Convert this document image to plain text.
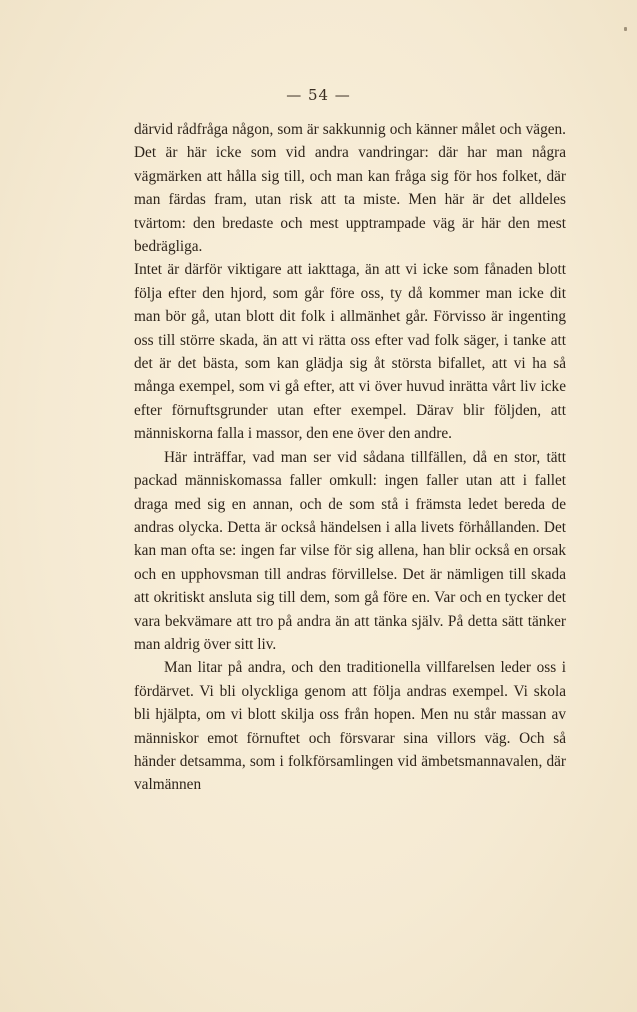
— 54 —

därvid rådfråga någon, som är sakkunnig och känner målet och vägen. Det är här icke som vid andra vandringar: där har man några vägmärken att hålla sig till, och man kan fråga sig för hos folket, där man färdas fram, utan risk att ta miste. Men här är det alldeles tvärtom: den bredaste och mest upptrampade väg är här den mest bedrägliga.

Intet är därför viktigare att iakttaga, än att vi icke som fånaden blott följa efter den hjord, som går före oss, ty då kommer man icke dit man bör gå, utan blott dit folk i allmänhet går. Förvisso är ingenting oss till större skada, än att vi rätta oss efter vad folk säger, i tanke att det är det bästa, som kan glädja sig åt största bifallet, att vi ha så många exempel, som vi gå efter, att vi över huvud inrätta vårt liv icke efter förnuftsgrunder utan efter exempel. Därav blir följden, att människorna falla i massor, den ene över den andre.

Här inträffar, vad man ser vid sådana tillfällen, då en stor, tätt packad människomassa faller omkull: ingen faller utan att i fallet draga med sig en annan, och de som stå i främsta ledet bereda de andras olycka. Detta är också händelsen i alla livets förhållanden. Det kan man ofta se: ingen far vilse för sig allena, han blir också en orsak och en upphovsman till andras förvillelse. Det är nämligen till skada att okritiskt ansluta sig till dem, som gå före en. Var och en tycker det vara bekvämare att tro på andra än att tänka själv. På detta sätt tänker man aldrig över sitt liv.

Man litar på andra, och den traditionella villfarelsen leder oss i fördärvet. Vi bli olyckliga genom att följa andras exempel. Vi skola bli hjälpta, om vi blott skilja oss från hopen. Men nu står massan av människor emot förnuftet och försvarar sina villors väg. Och så händer detsamma, som i folkförsamlingen vid ämbetsmannavalen, där valmännen
